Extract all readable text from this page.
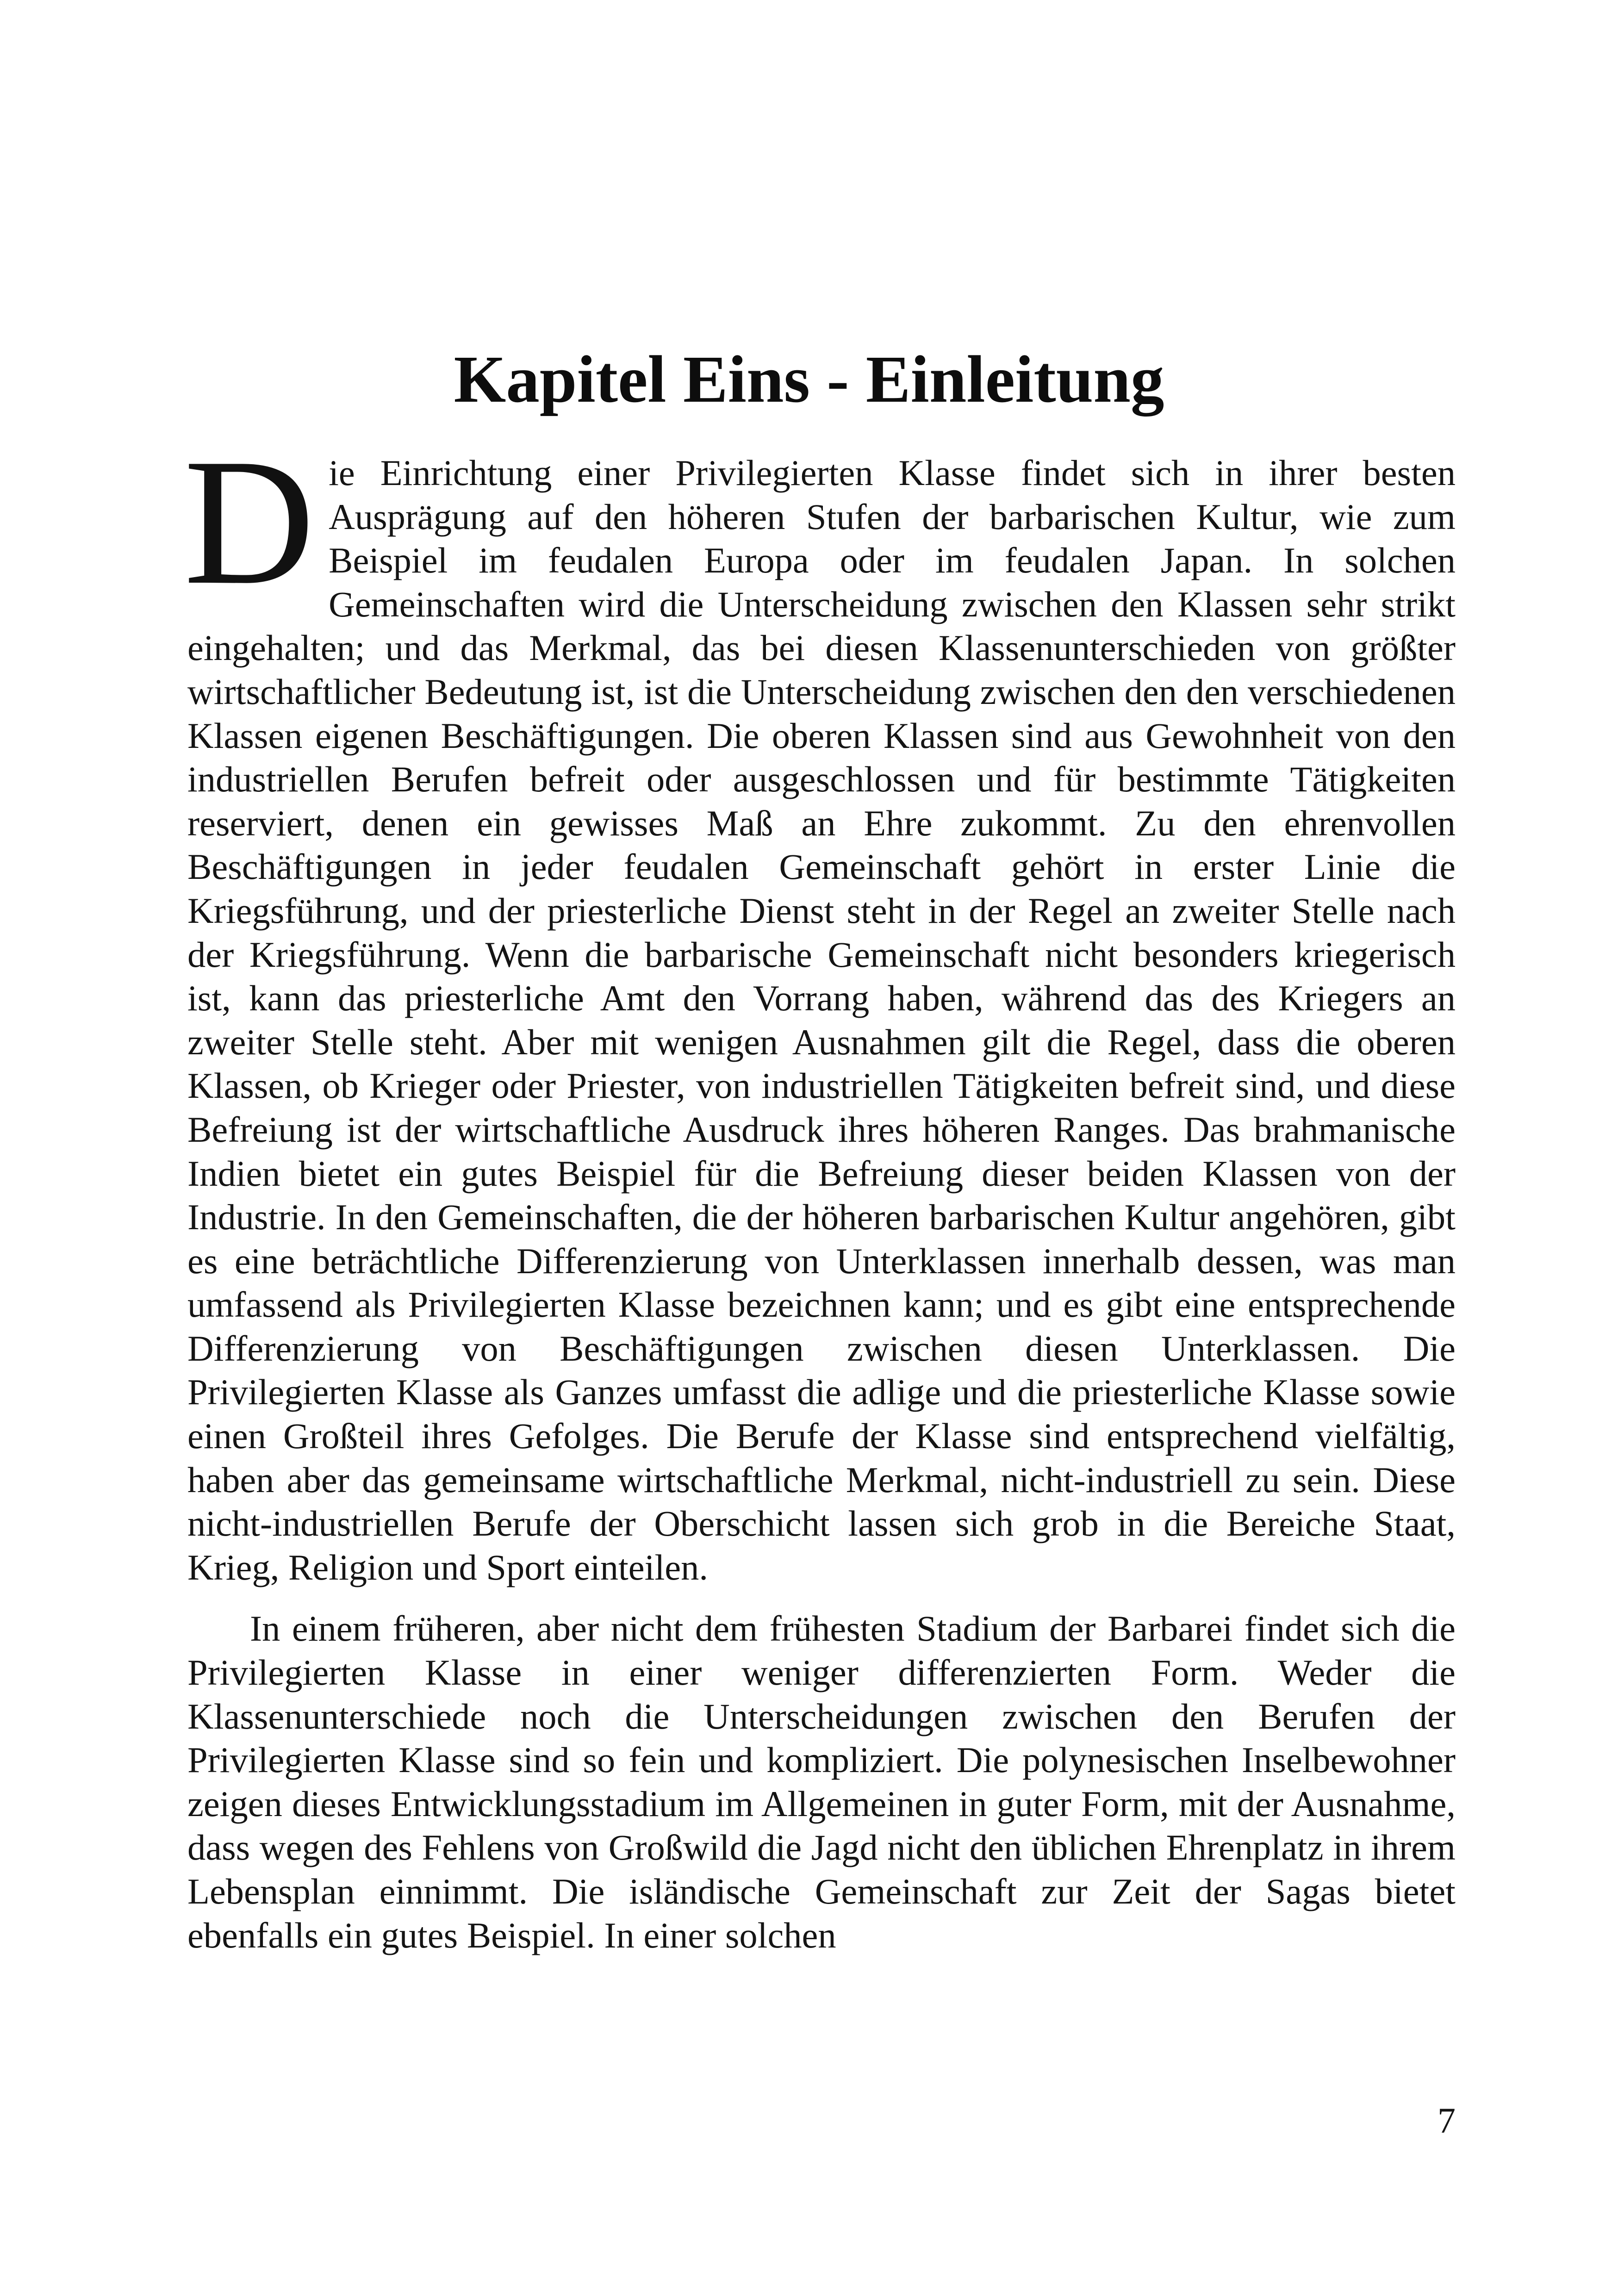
Kapitel Eins - Einleitung

Die Einrichtung einer Privilegierten Klasse findet sich in ihrer besten Ausprägung auf den höheren Stufen der barbarischen Kultur, wie zum Beispiel im feudalen Europa oder im feudalen Japan. In solchen Gemeinschaften wird die Unterscheidung zwischen den Klassen sehr strikt eingehalten; und das Merkmal, das bei diesen Klassenunterschieden von größter wirtschaftlicher Bedeutung ist, ist die Unterscheidung zwischen den den verschiedenen Klassen eigenen Beschäftigungen. Die oberen Klassen sind aus Gewohnheit von den industriellen Berufen befreit oder ausgeschlossen und für bestimmte Tätigkeiten reserviert, denen ein gewisses Maß an Ehre zukommt. Zu den ehrenvollen Beschäftigungen in jeder feudalen Gemeinschaft gehört in erster Linie die Kriegsführung, und der priesterliche Dienst steht in der Regel an zweiter Stelle nach der Kriegsführung. Wenn die barbarische Gemeinschaft nicht besonders kriegerisch ist, kann das priesterliche Amt den Vorrang haben, während das des Kriegers an zweiter Stelle steht. Aber mit wenigen Ausnahmen gilt die Regel, dass die oberen Klassen, ob Krieger oder Priester, von industriellen Tätigkeiten befreit sind, und diese Befreiung ist der wirtschaftliche Ausdruck ihres höheren Ranges. Das brahmanische Indien bietet ein gutes Beispiel für die Befreiung dieser beiden Klassen von der Industrie. In den Gemeinschaften, die der höheren barbarischen Kultur angehören, gibt es eine beträchtliche Differenzierung von Unterklassen innerhalb dessen, was man umfassend als Privilegierten Klasse bezeichnen kann; und es gibt eine entsprechende Differenzierung von Beschäftigungen zwischen diesen Unterklassen. Die Privilegierten Klasse als Ganzes umfasst die adlige und die priesterliche Klasse sowie einen Großteil ihres Gefolges. Die Berufe der Klasse sind entsprechend vielfältig, haben aber das gemeinsame wirtschaftliche Merkmal, nicht-industriell zu sein. Diese nicht-industriellen Berufe der Oberschicht lassen sich grob in die Bereiche Staat, Krieg, Religion und Sport einteilen.

In einem früheren, aber nicht dem frühesten Stadium der Barbarei findet sich die Privilegierten Klasse in einer weniger differenzierten Form. Weder die Klassenunterschiede noch die Unterscheidungen zwischen den Berufen der Privilegierten Klasse sind so fein und kompliziert. Die polynesischen Inselbewohner zeigen dieses Entwicklungsstadium im Allgemeinen in guter Form, mit der Ausnahme, dass wegen des Fehlens von Großwild die Jagd nicht den üblichen Ehrenplatz in ihrem Lebensplan einnimmt. Die isländische Gemeinschaft zur Zeit der Sagas bietet ebenfalls ein gutes Beispiel. In einer solchen

7
